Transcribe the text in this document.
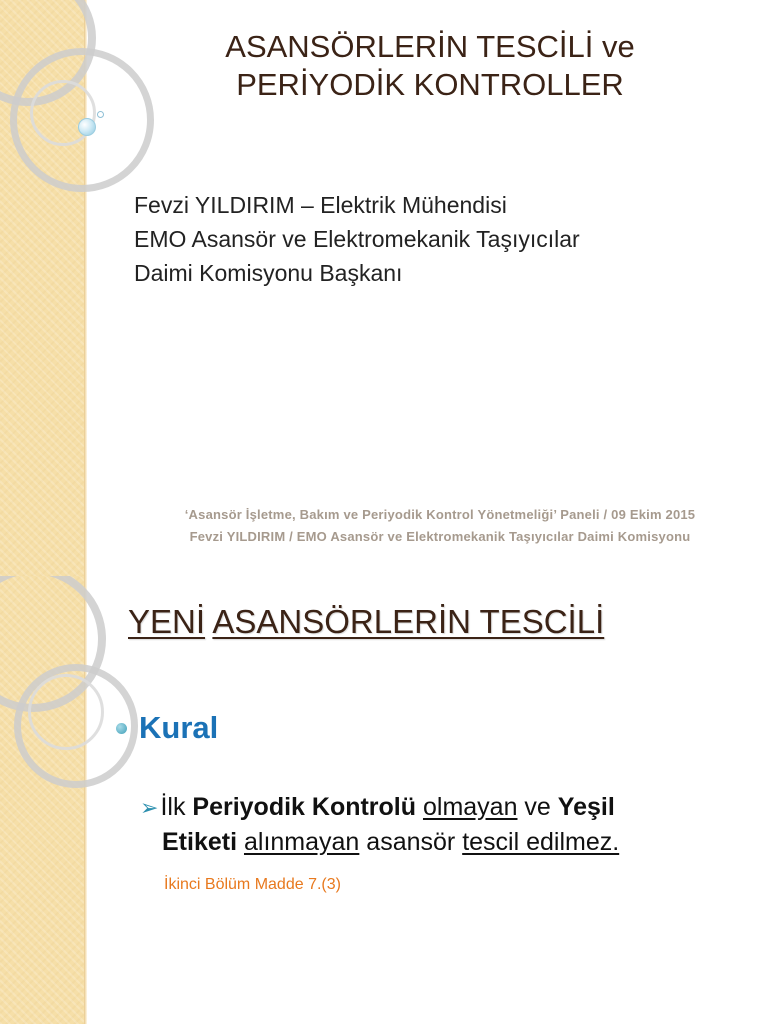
ASANSÖRLERİN TESCİLİ ve
PERİYODİK KONTROLLER
Fevzi YILDIRIM – Elektrik Mühendisi
EMO Asansör ve Elektromekanik Taşıyıcılar
Daimi Komisyonu Başkanı
‘Asansör İşletme, Bakım ve Periyodik Kontrol Yönetmeliği’ Paneli / 09 Ekim 2015
Fevzi YILDIRIM / EMO Asansör ve Elektromekanik Taşıyıcılar Daimi Komisyonu
YENİ ASANSÖRLERİN TESCİLİ
Kural
➢İlk Periyodik Kontrolü olmayan ve Yeşil
Etiketi alınmayan asansör tescil edilmez.
İkinci Bölüm Madde 7.(3)
